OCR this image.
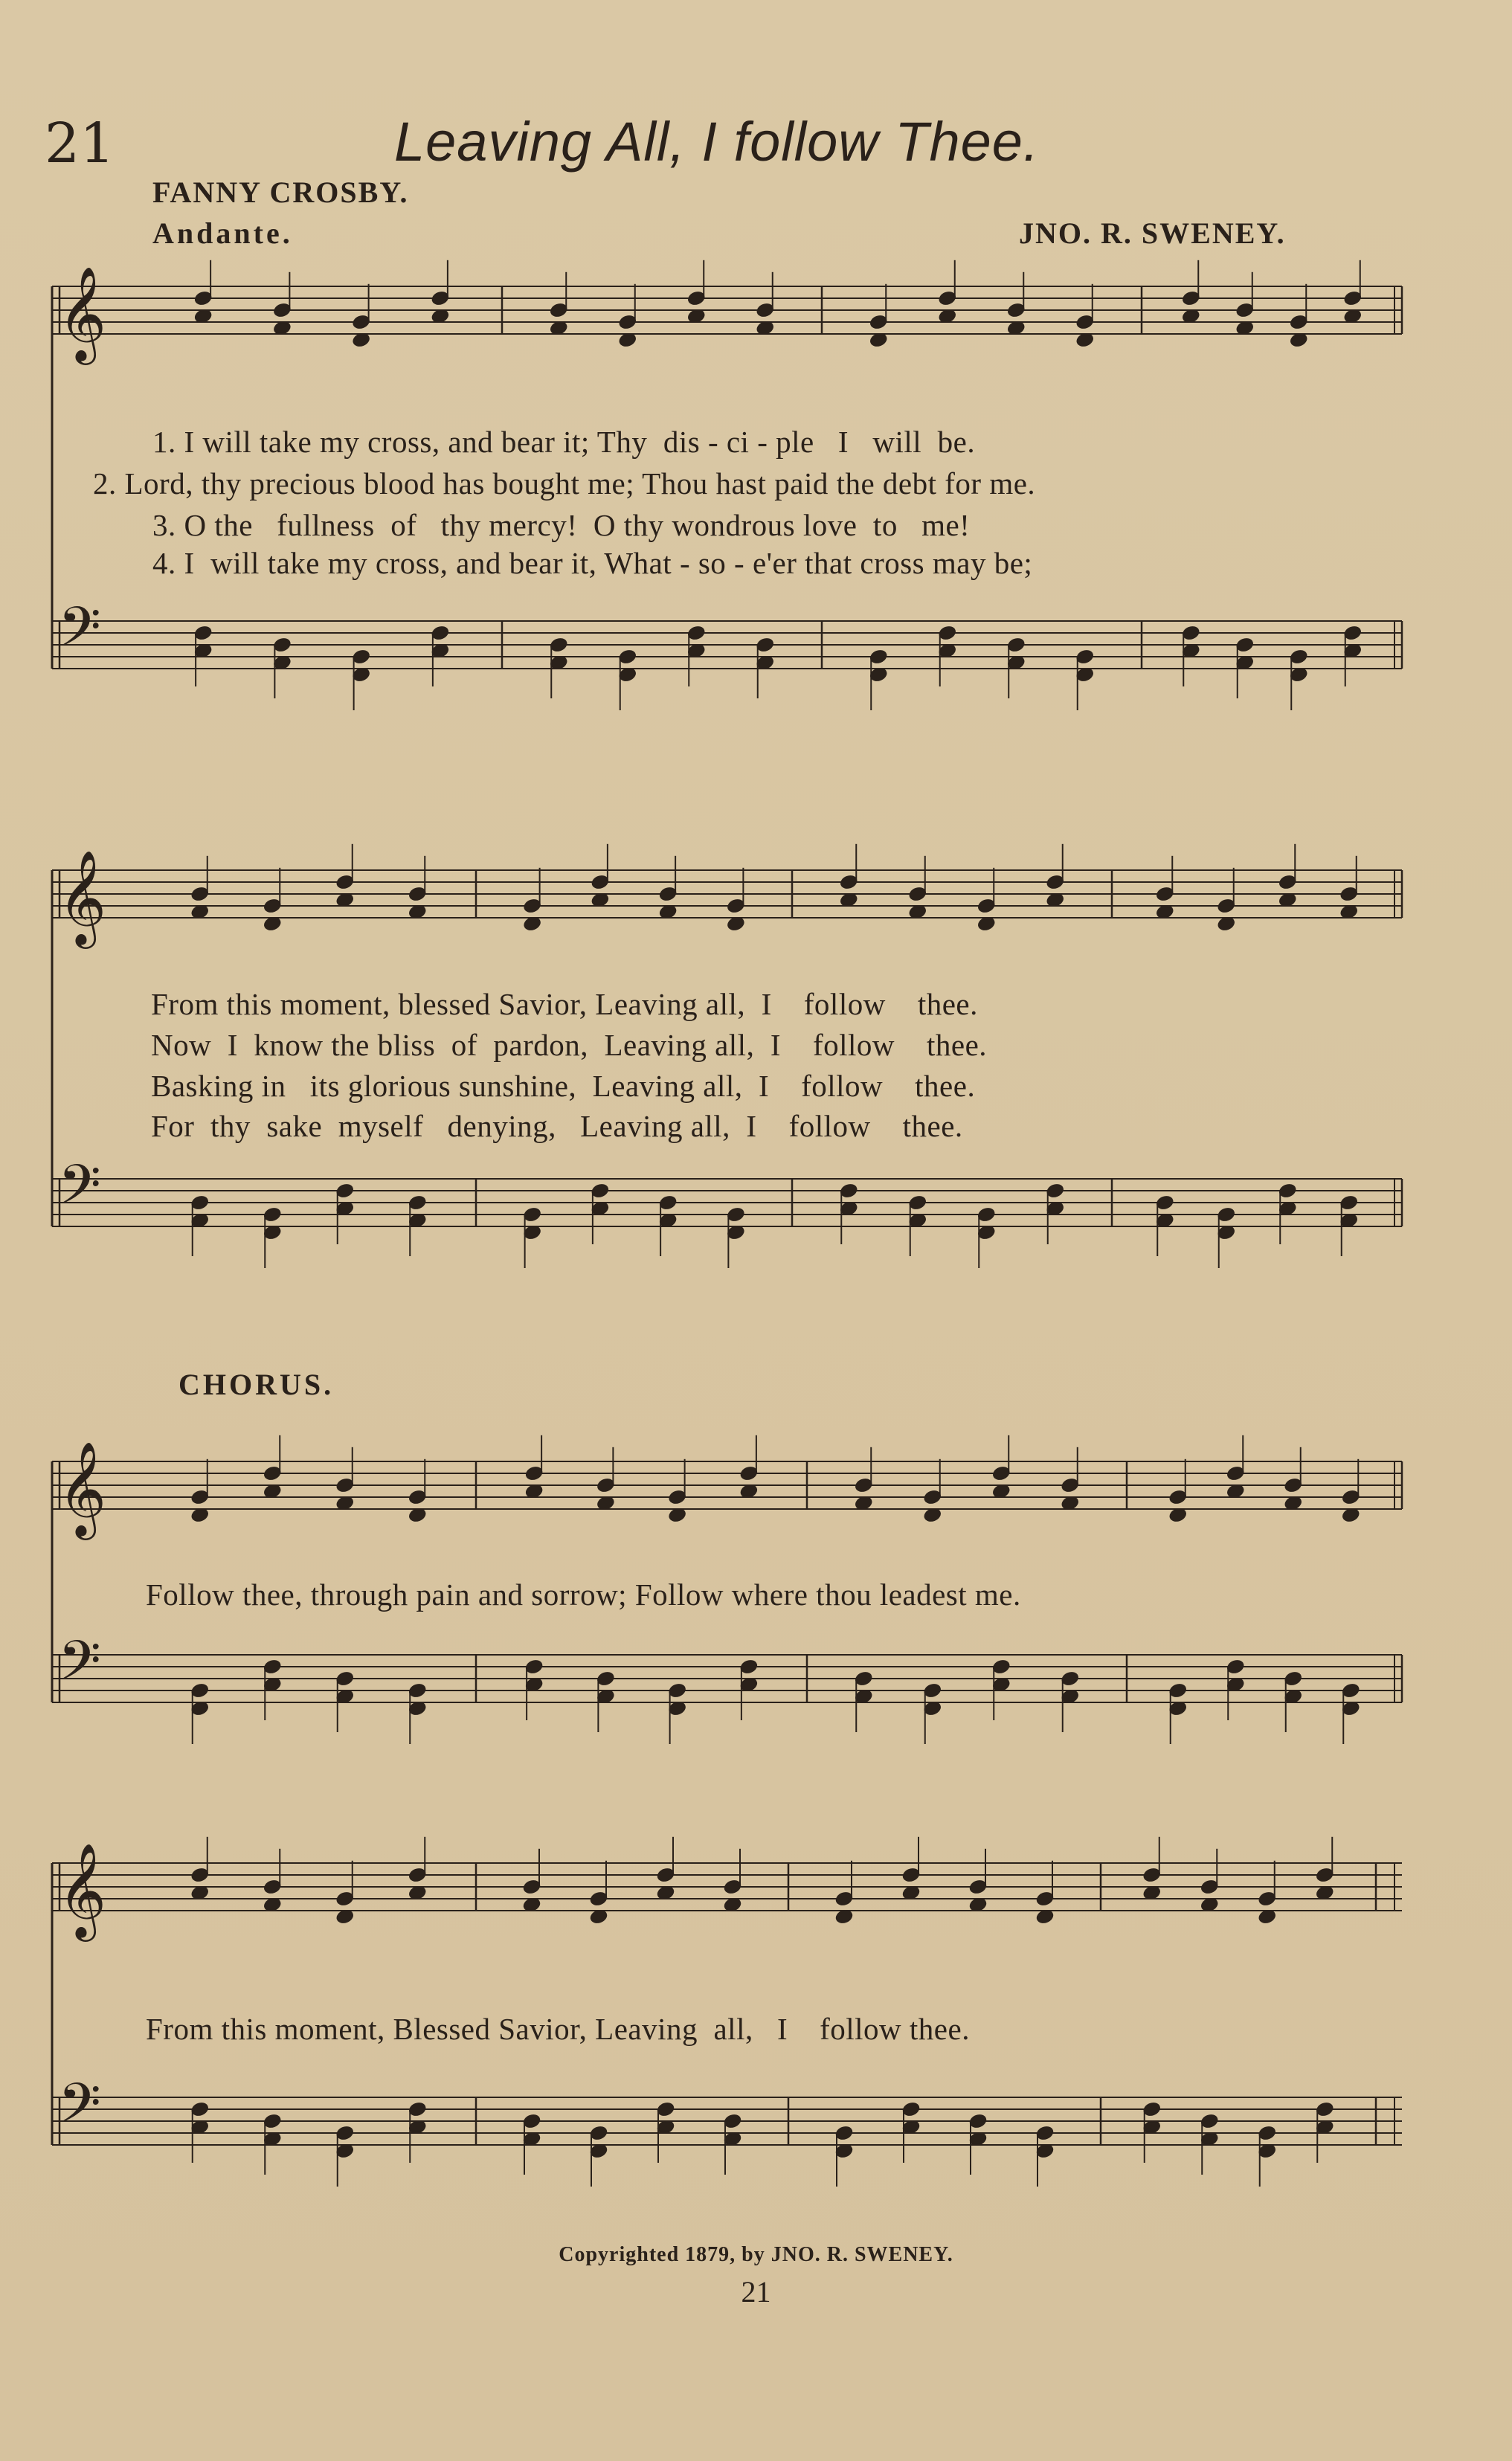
21	Leaving All, I follow Thee.
FANNY CROSBY.
Andante.	JNO. R. SWENEY.
𝄞
𝄢
𝄞
𝄢
𝄞
𝄢
𝄞
𝄢
1. I will take my cross, and bear it; Thy  dis - ci - ple   I   will  be.
2. Lord, thy precious blood has bought me; Thou hast paid the debt for me.
3. O the   fullness  of   thy mercy!  O thy wondrous love  to   me!
4. I  will take my cross, and bear it, What - so - e'er that cross may be;
From this moment, blessed Savior, Leaving all,  I    follow    thee.
Now  I  know the bliss  of  pardon,  Leaving all,  I    follow    thee.
Basking in   its glorious sunshine,  Leaving all,  I    follow    thee.
For  thy  sake  myself   denying,   Leaving all,  I    follow    thee.
CHORUS.
Follow thee, through pain and sorrow; Follow where thou leadest me.
From this moment, Blessed Savior, Leaving  all,   I    follow thee.
Copyrighted 1879, by JNO. R. SWENEY.
21
